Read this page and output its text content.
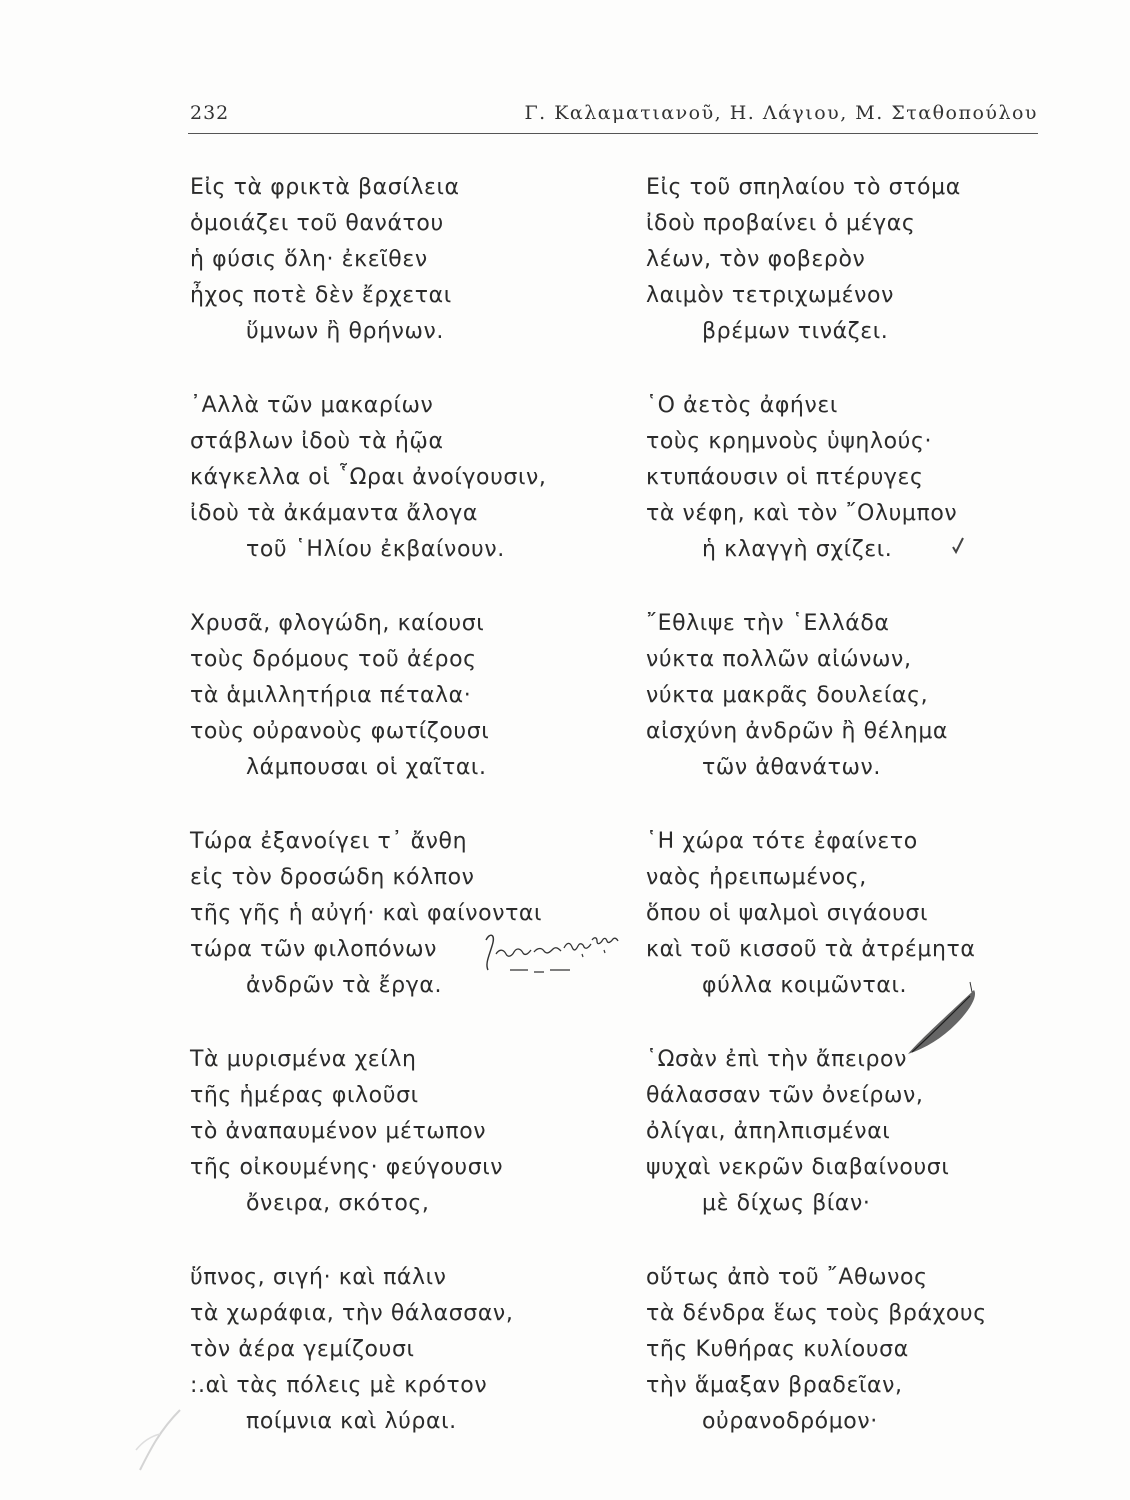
232	Γ. Καλαματιανοῦ, Η. Λάγιου, Μ. Σταθοπούλου
Εἰς τὰ φρικτὰ βασίλεια
ὁμοιάζει τοῦ θανάτου
ἡ φύσις ὅλη· ἐκεῖθεν
ἦχος ποτὲ δὲν ἔρχεται
ὕμνων ἢ θρήνων.
᾿Αλλὰ τῶν μακαρίων
στάβλων ἰδοὺ τὰ ἠῷα
κάγκελλα οἱ ῟Ωραι ἀνοίγουσιν,
ἰδοὺ τὰ ἀκάμαντα ἄλογα
τοῦ ῾Ηλίου ἐκβαίνουν.
Χρυσᾶ, φλογώδη, καίουσι
τοὺς δρόμους τοῦ ἀέρος
τὰ ἁμιλλητήρια πέταλα·
τοὺς οὐρανοὺς φωτίζουσι
λάμπουσαι οἱ χαῖται.
Τώρα ἐξανοίγει τ᾿ ἄνθη
εἰς τὸν δροσώδη κόλπον
τῆς γῆς ἡ αὐγή· καὶ φαίνονται
τώρα τῶν φιλοπόνων
ἀνδρῶν τὰ ἔργα.
Τὰ μυρισμένα χείλη
τῆς ἡμέρας φιλοῦσι
τὸ ἀναπαυμένον μέτωπον
τῆς οἰκουμένης· φεύγουσιν
ὄνειρα, σκότος,
ὕπνος, σιγή· καὶ πάλιν
τὰ χωράφια, τὴν θάλασσαν,
τὸν ἀέρα γεμίζουσι
:.αὶ τὰς πόλεις μὲ κρότον
ποίμνια καὶ λύραι.
Εἰς τοῦ σπηλαίου τὸ στόμα
ἰδοὺ προβαίνει ὁ μέγας
λέων, τὸν φοβερὸν
λαιμὸν τετριχωμένον
βρέμων τινάζει.
῾Ο ἀετὸς ἀφήνει
τοὺς κρημνοὺς ὑψηλούς·
κτυπάουσιν οἱ πτέρυγες
τὰ νέφη, καὶ τὸν ῎Ολυμπον
ἡ κλαγγὴ σχίζει.
῎Εθλιψε τὴν ῾Ελλάδα
νύκτα πολλῶν αἰώνων,
νύκτα μακρᾶς δουλείας,
αἰσχύνη ἀνδρῶν ἢ θέλημα
τῶν ἀθανάτων.
῾Η χώρα τότε ἐφαίνετο
ναὸς ἠρειπωμένος,
ὅπου οἱ ψαλμοὶ σιγάουσι
καὶ τοῦ κισσοῦ τὰ ἀτρέμητα
φύλλα κοιμῶνται.
῾Ωσὰν ἐπὶ τὴν ἄπειρον
θάλασσαν τῶν ὀνείρων,
ὀλίγαι, ἀπηλπισμέναι
ψυχαὶ νεκρῶν διαβαίνουσι
μὲ δίχως βίαν·
οὕτως ἀπὸ τοῦ ῎Αθωνος
τὰ δένδρα ἕως τοὺς βράχους
τῆς Κυθήρας κυλίουσα
τὴν ἅμαξαν βραδεῖαν,
οὐρανοδρόμον·
